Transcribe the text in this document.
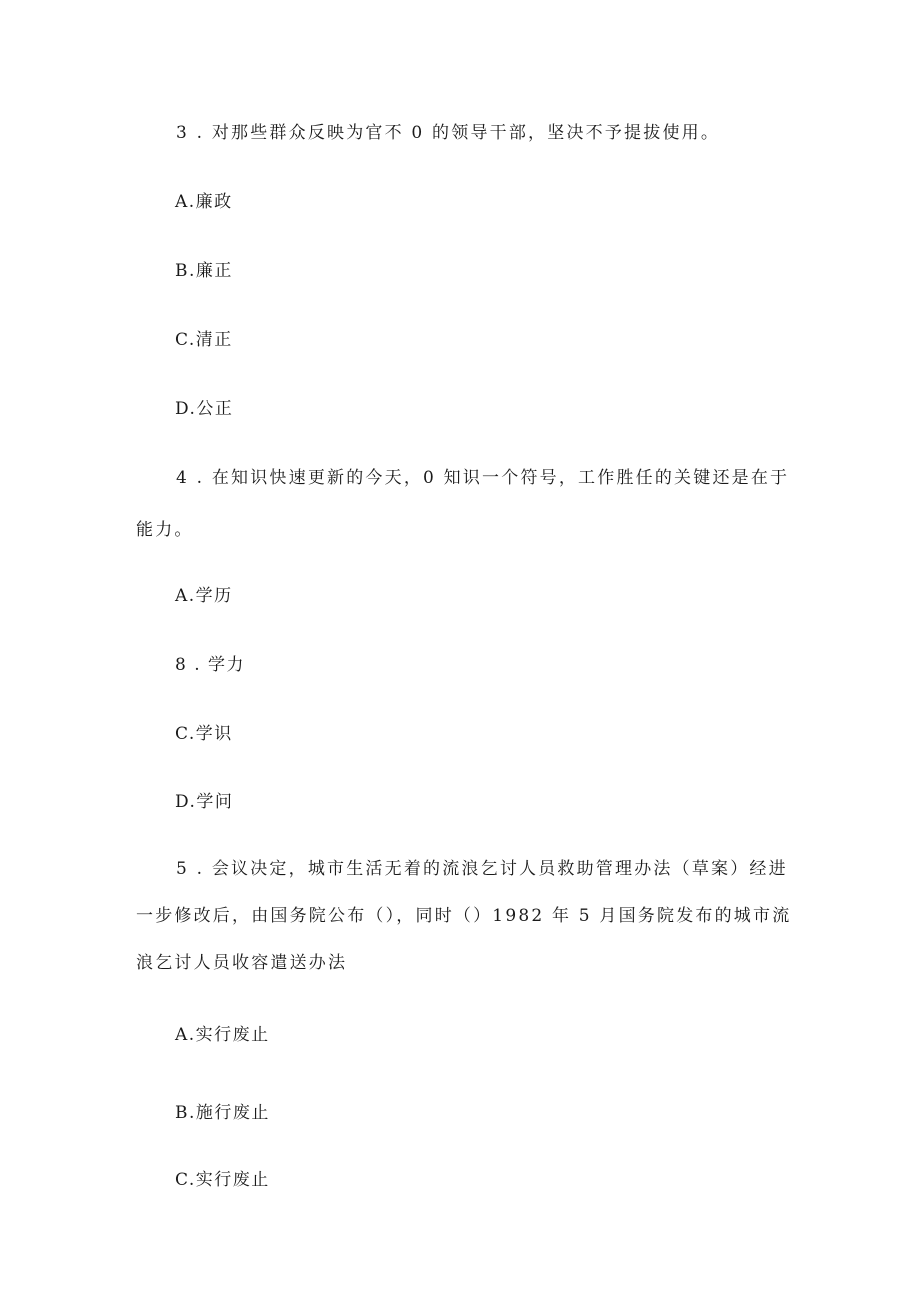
3 . 对那些群众反映为官不 0 的领导干部，坚决不予提拔使用。
A.廉政
B.廉正
C.清正
D.公正
4 . 在知识快速更新的今天，0 知识一个符号，工作胜任的关键还是在于能力。
A.学历
8 . 学力
C.学识
D.学问
5 . 会议决定，城市生活无着的流浪乞讨人员救助管理办法（草案）经进一步修改后，由国务院公布（），同时（）1982 年 5 月国务院发布的城市流浪乞讨人员收容遣送办法
A.实行废止
B.施行废止
C.实行废止
